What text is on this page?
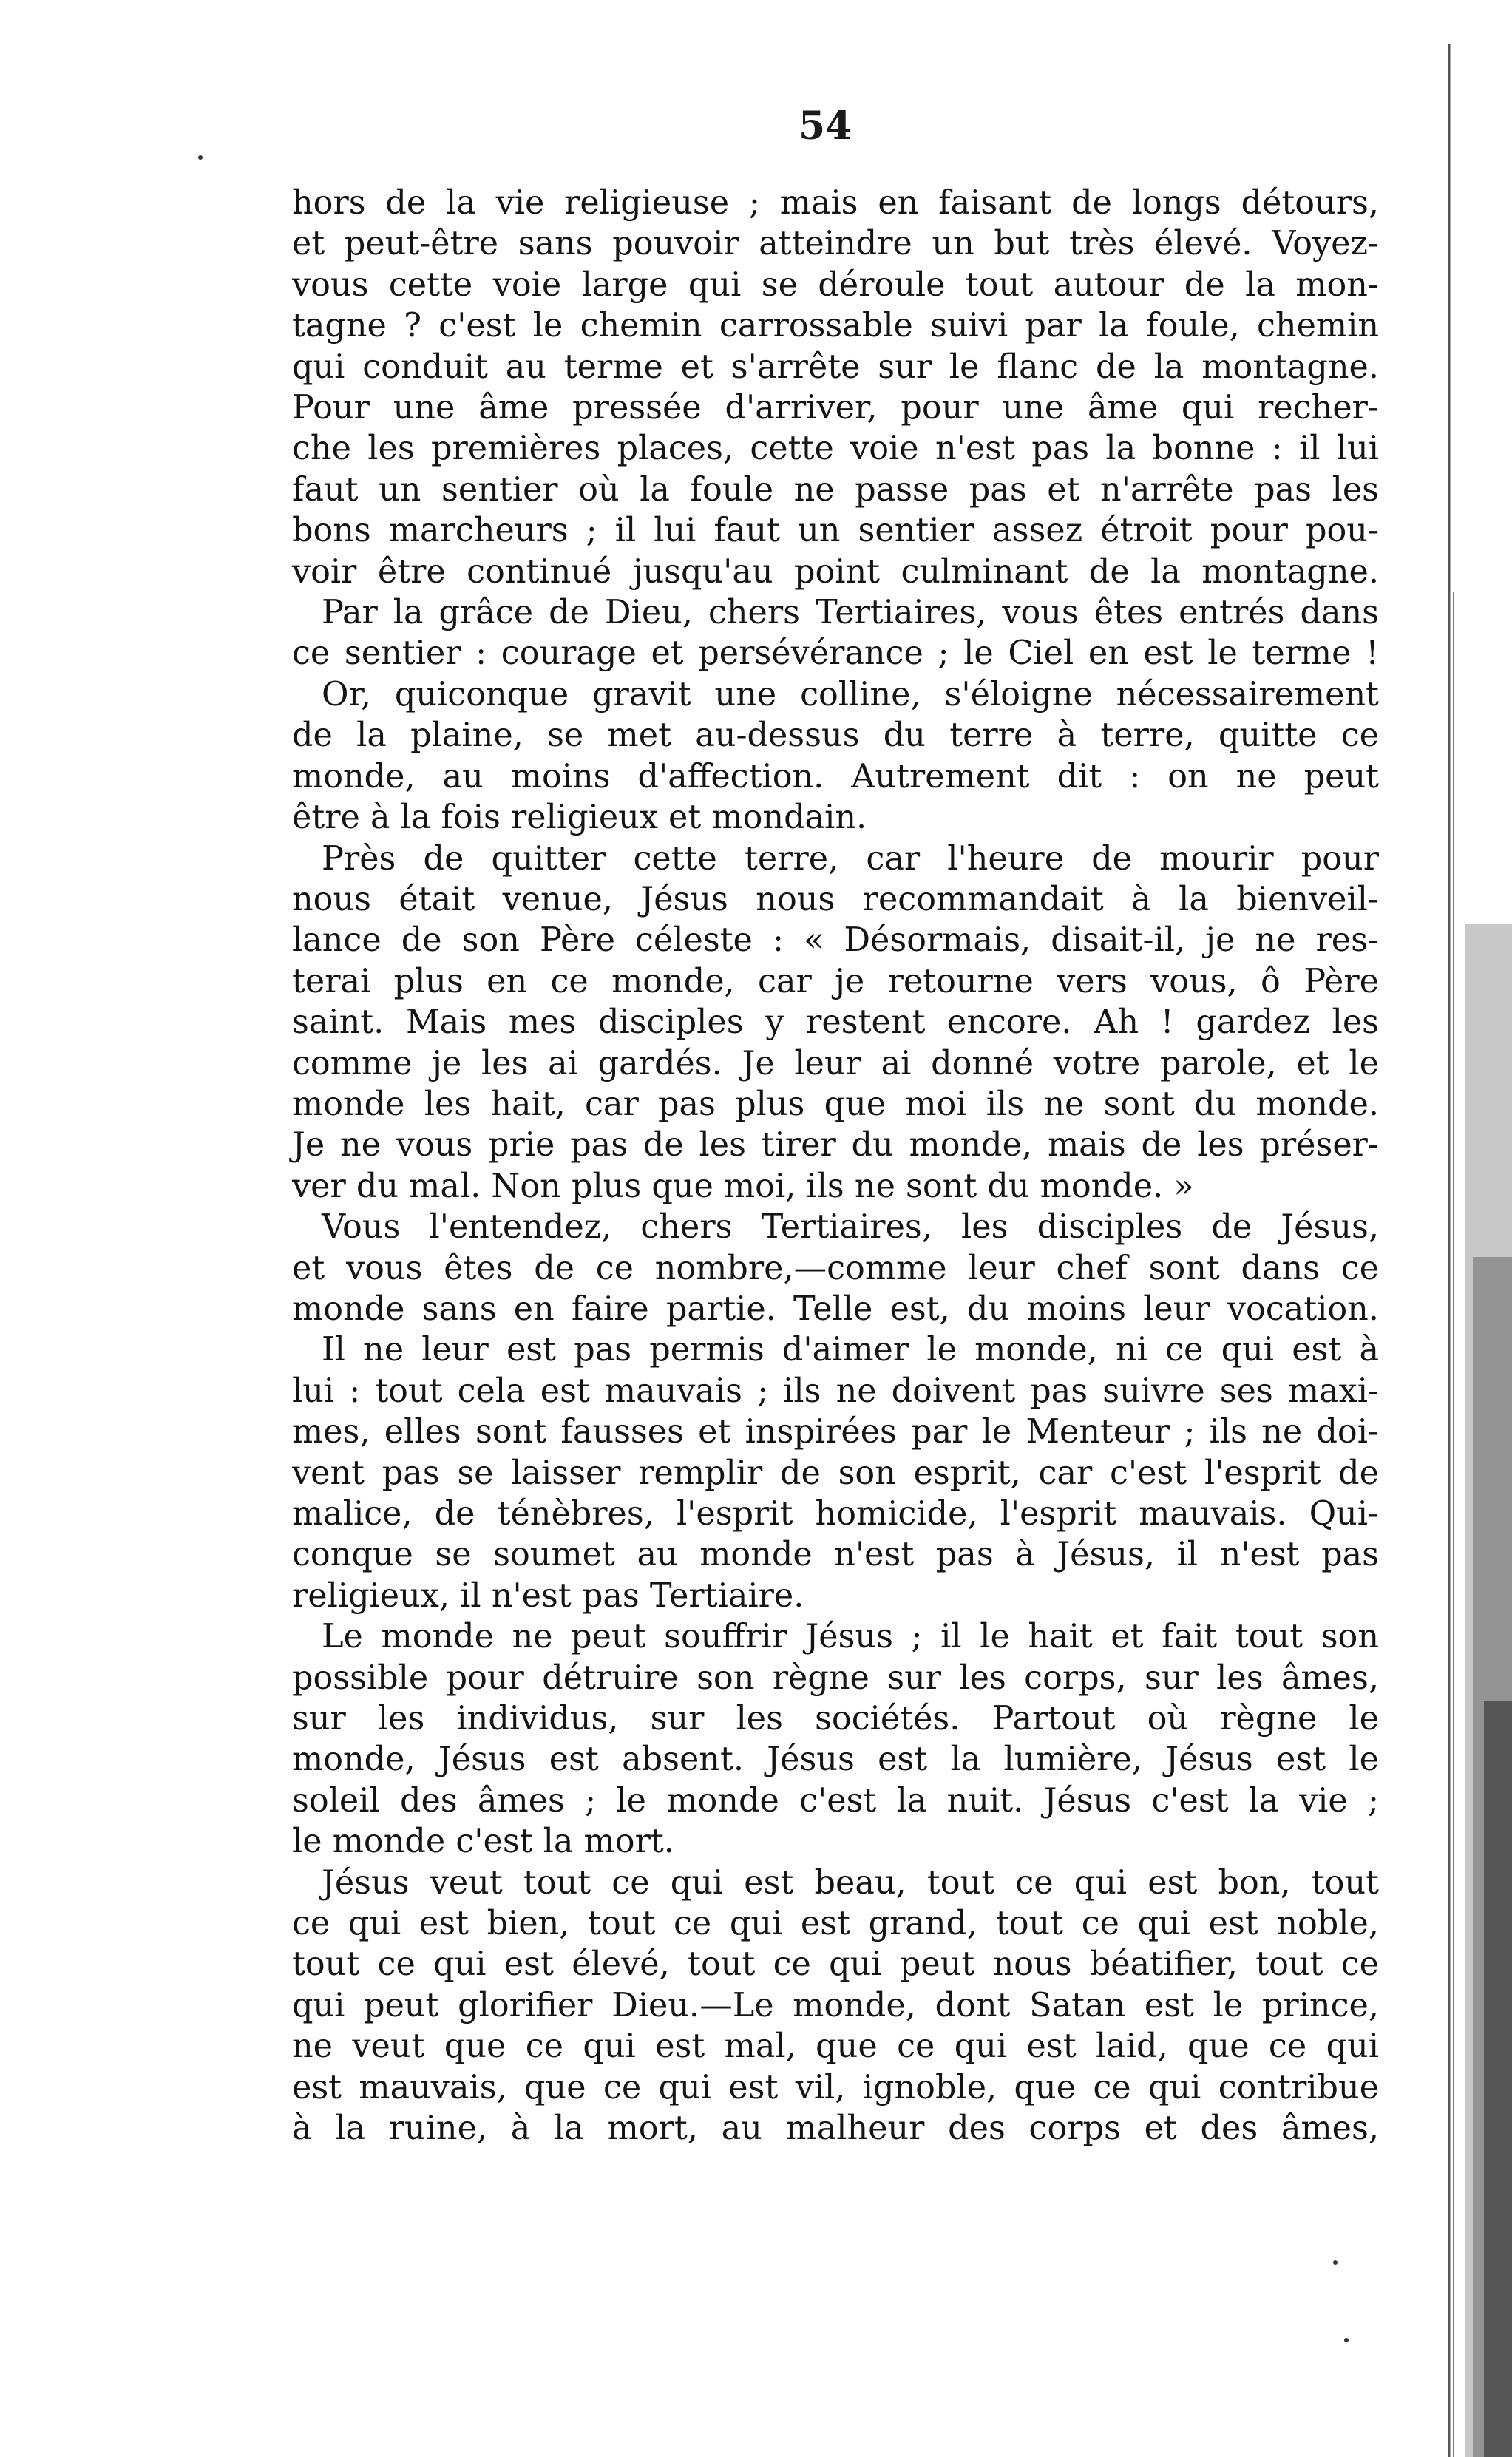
54
hors de la vie religieuse ; mais en faisant de longs détours,
et peut-être sans pouvoir atteindre un but très élevé. Voyez-
vous cette voie large qui se déroule tout autour de la mon-
tagne ? c'est le chemin carrossable suivi par la foule, chemin
qui conduit au terme et s'arrête sur le flanc de la montagne.
Pour une âme pressée d'arriver, pour une âme qui recher-
che les premières places, cette voie n'est pas la bonne : il lui
faut un sentier où la foule ne passe pas et n'arrête pas les
bons marcheurs ; il lui faut un sentier assez étroit pour pou-
voir être continué jusqu'au point culminant de la montagne.
Par la grâce de Dieu, chers Tertiaires, vous êtes entrés dans
ce sentier : courage et persévérance ; le Ciel en est le terme !
Or, quiconque gravit une colline, s'éloigne nécessairement
de la plaine, se met au-dessus du terre à terre, quitte ce
monde, au moins d'affection. Autrement dit : on ne peut
être à la fois religieux et mondain.
Près de quitter cette terre, car l'heure de mourir pour
nous était venue, Jésus nous recommandait à la bienveil-
lance de son Père céleste : « Désormais, disait-il, je ne res-
terai plus en ce monde, car je retourne vers vous, ô Père
saint. Mais mes disciples y restent encore. Ah ! gardez les
comme je les ai gardés. Je leur ai donné votre parole, et le
monde les hait, car pas plus que moi ils ne sont du monde.
Je ne vous prie pas de les tirer du monde, mais de les préser-
ver du mal. Non plus que moi, ils ne sont du monde. »
Vous l'entendez, chers Tertiaires, les disciples de Jésus,
et vous êtes de ce nombre,—comme leur chef sont dans ce
monde sans en faire partie. Telle est, du moins leur vocation.
Il ne leur est pas permis d'aimer le monde, ni ce qui est à
lui : tout cela est mauvais ; ils ne doivent pas suivre ses maxi-
mes, elles sont fausses et inspirées par le Menteur ; ils ne doi-
vent pas se laisser remplir de son esprit, car c'est l'esprit de
malice, de ténèbres, l'esprit homicide, l'esprit mauvais. Qui-
conque se soumet au monde n'est pas à Jésus, il n'est pas
religieux, il n'est pas Tertiaire.
Le monde ne peut souffrir Jésus ; il le hait et fait tout son
possible pour détruire son règne sur les corps, sur les âmes,
sur les individus, sur les sociétés. Partout où règne le
monde, Jésus est absent. Jésus est la lumière, Jésus est le
soleil des âmes ; le monde c'est la nuit. Jésus c'est la vie ;
le monde c'est la mort.
Jésus veut tout ce qui est beau, tout ce qui est bon, tout
ce qui est bien, tout ce qui est grand, tout ce qui est noble,
tout ce qui est élevé, tout ce qui peut nous béatifier, tout ce
qui peut glorifier Dieu.—Le monde, dont Satan est le prince,
ne veut que ce qui est mal, que ce qui est laid, que ce qui
est mauvais, que ce qui est vil, ignoble, que ce qui contribue
à la ruine, à la mort, au malheur des corps et des âmes,
